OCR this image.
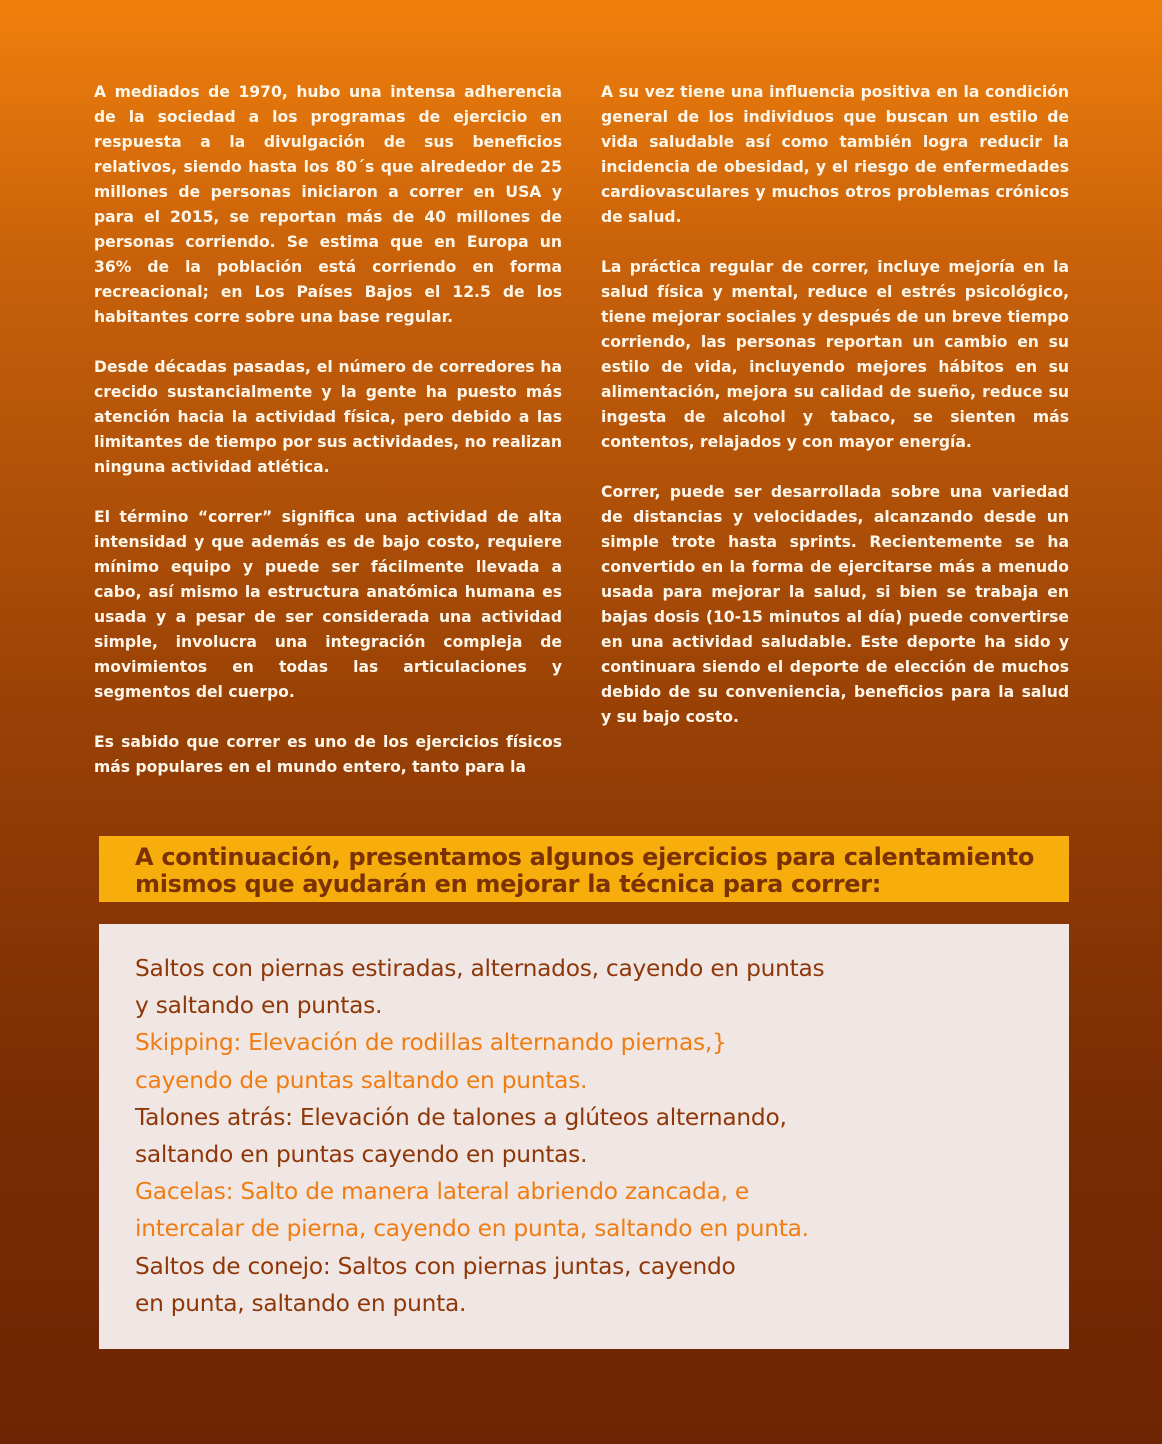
A mediados de 1970, hubo una intensa adherencia de la sociedad a los programas de ejercicio en respuesta a la divulgación de sus beneficios relativos, siendo hasta los 80´s que alrededor de 25 millones de personas iniciaron a correr en USA y para el 2015, se reportan más de 40 millones de personas corriendo. Se estima que en Europa un 36% de la población está corriendo en forma recreacional; en Los Países Bajos el 12.5 de los habitantes corre sobre una base regular.

Desde décadas pasadas, el número de corredores ha crecido sustancialmente y la gente ha puesto más atención hacia la actividad física, pero debido a las limitantes de tiempo por sus actividades, no realizan ninguna actividad atlética.

El término “correr” significa una actividad de alta intensidad y que además es de bajo costo, requiere mínimo equipo y puede ser fácilmente llevada a cabo, así mismo la estructura anatómica humana es usada y a pesar de ser considerada una actividad simple, involucra una integración compleja de movimientos en todas las articulaciones y segmentos del cuerpo.

Es sabido que correr es uno de los ejercicios físicos más populares en el mundo entero, tanto para la

A su vez tiene una influencia positiva en la condición general de los individuos que buscan un estilo de vida saludable así como también logra reducir la incidencia de obesidad, y el riesgo de enfermedades cardiovasculares y muchos otros problemas crónicos de salud.

La práctica regular de correr, incluye mejoría en la salud física y mental, reduce el estrés psicológico, tiene mejorar sociales y después de un breve tiempo corriendo, las personas reportan un cambio en su estilo de vida, incluyendo mejores hábitos en su alimentación, mejora su calidad de sueño, reduce su ingesta de alcohol y tabaco, se sienten más contentos, relajados y con mayor energía.

Correr, puede ser desarrollada sobre una variedad de distancias y velocidades, alcanzando desde un simple trote hasta sprints. Recientemente se ha convertido en la forma de ejercitarse más a menudo usada para mejorar la salud, si bien se trabaja en bajas dosis (10-15 minutos al día) puede convertirse en una actividad saludable. Este deporte ha sido y continuara siendo el deporte de elección de muchos debido de su conveniencia, beneficios para la salud y su bajo costo.

A continuación, presentamos algunos ejercicios para calentamiento
mismos que ayudarán en mejorar la técnica para correr:
Saltos con piernas estiradas, alternados, cayendo en puntas
y saltando en puntas.
Skipping: Elevación de rodillas alternando piernas,}
cayendo de puntas saltando en puntas.
Talones atrás: Elevación de talones a glúteos alternando,
saltando en puntas cayendo en puntas.
Gacelas: Salto de manera lateral abriendo zancada, e
intercalar de pierna, cayendo en punta, saltando en punta.
Saltos de conejo: Saltos con piernas juntas, cayendo
en punta, saltando en punta.
